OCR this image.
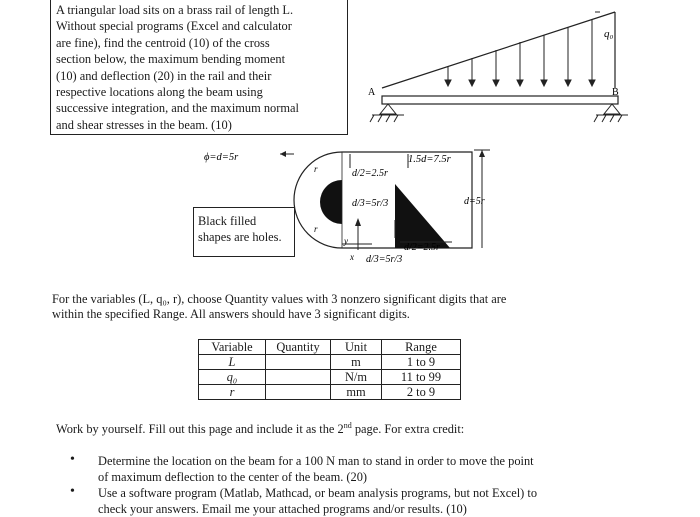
A triangular load sits on a brass rail of length L.
Without special programs (Excel and calculator
are fine), find the centroid (10) of the cross
section below, the maximum bending moment
(10) and deflection (20) in the rail and their
respective locations along the beam using
successive integration, and the maximum normal
and shear stresses in the beam. (10)
q₀
A	B
ϕ=d=5r	1.5d=7.5r
d/2=2.5r
d/3=5r/3	d=5r
d/2=2.5r
d/3=5r/3
r
r
x
y
Black filled
shapes are holes.
For the variables (L, q₀, r), choose Quantity values with 3 nonzero significant digits that are
within the specified Range. All answers should have 3 significant digits.
Variable	Quantity	Unit	Range
L		m	1 to 9
q₀		N/m	11 to 99
r		mm	2 to 9
Work by yourself. Fill out this page and include it as the 2nd page. For extra credit:
• Determine the location on the beam for a 100 N man to stand in order to move the point
of maximum deflection to the center of the beam. (20)
• Use a software program (Matlab, Mathcad, or beam analysis programs, but not Excel) to
check your answers. Email me your attached programs and/or results. (10)
